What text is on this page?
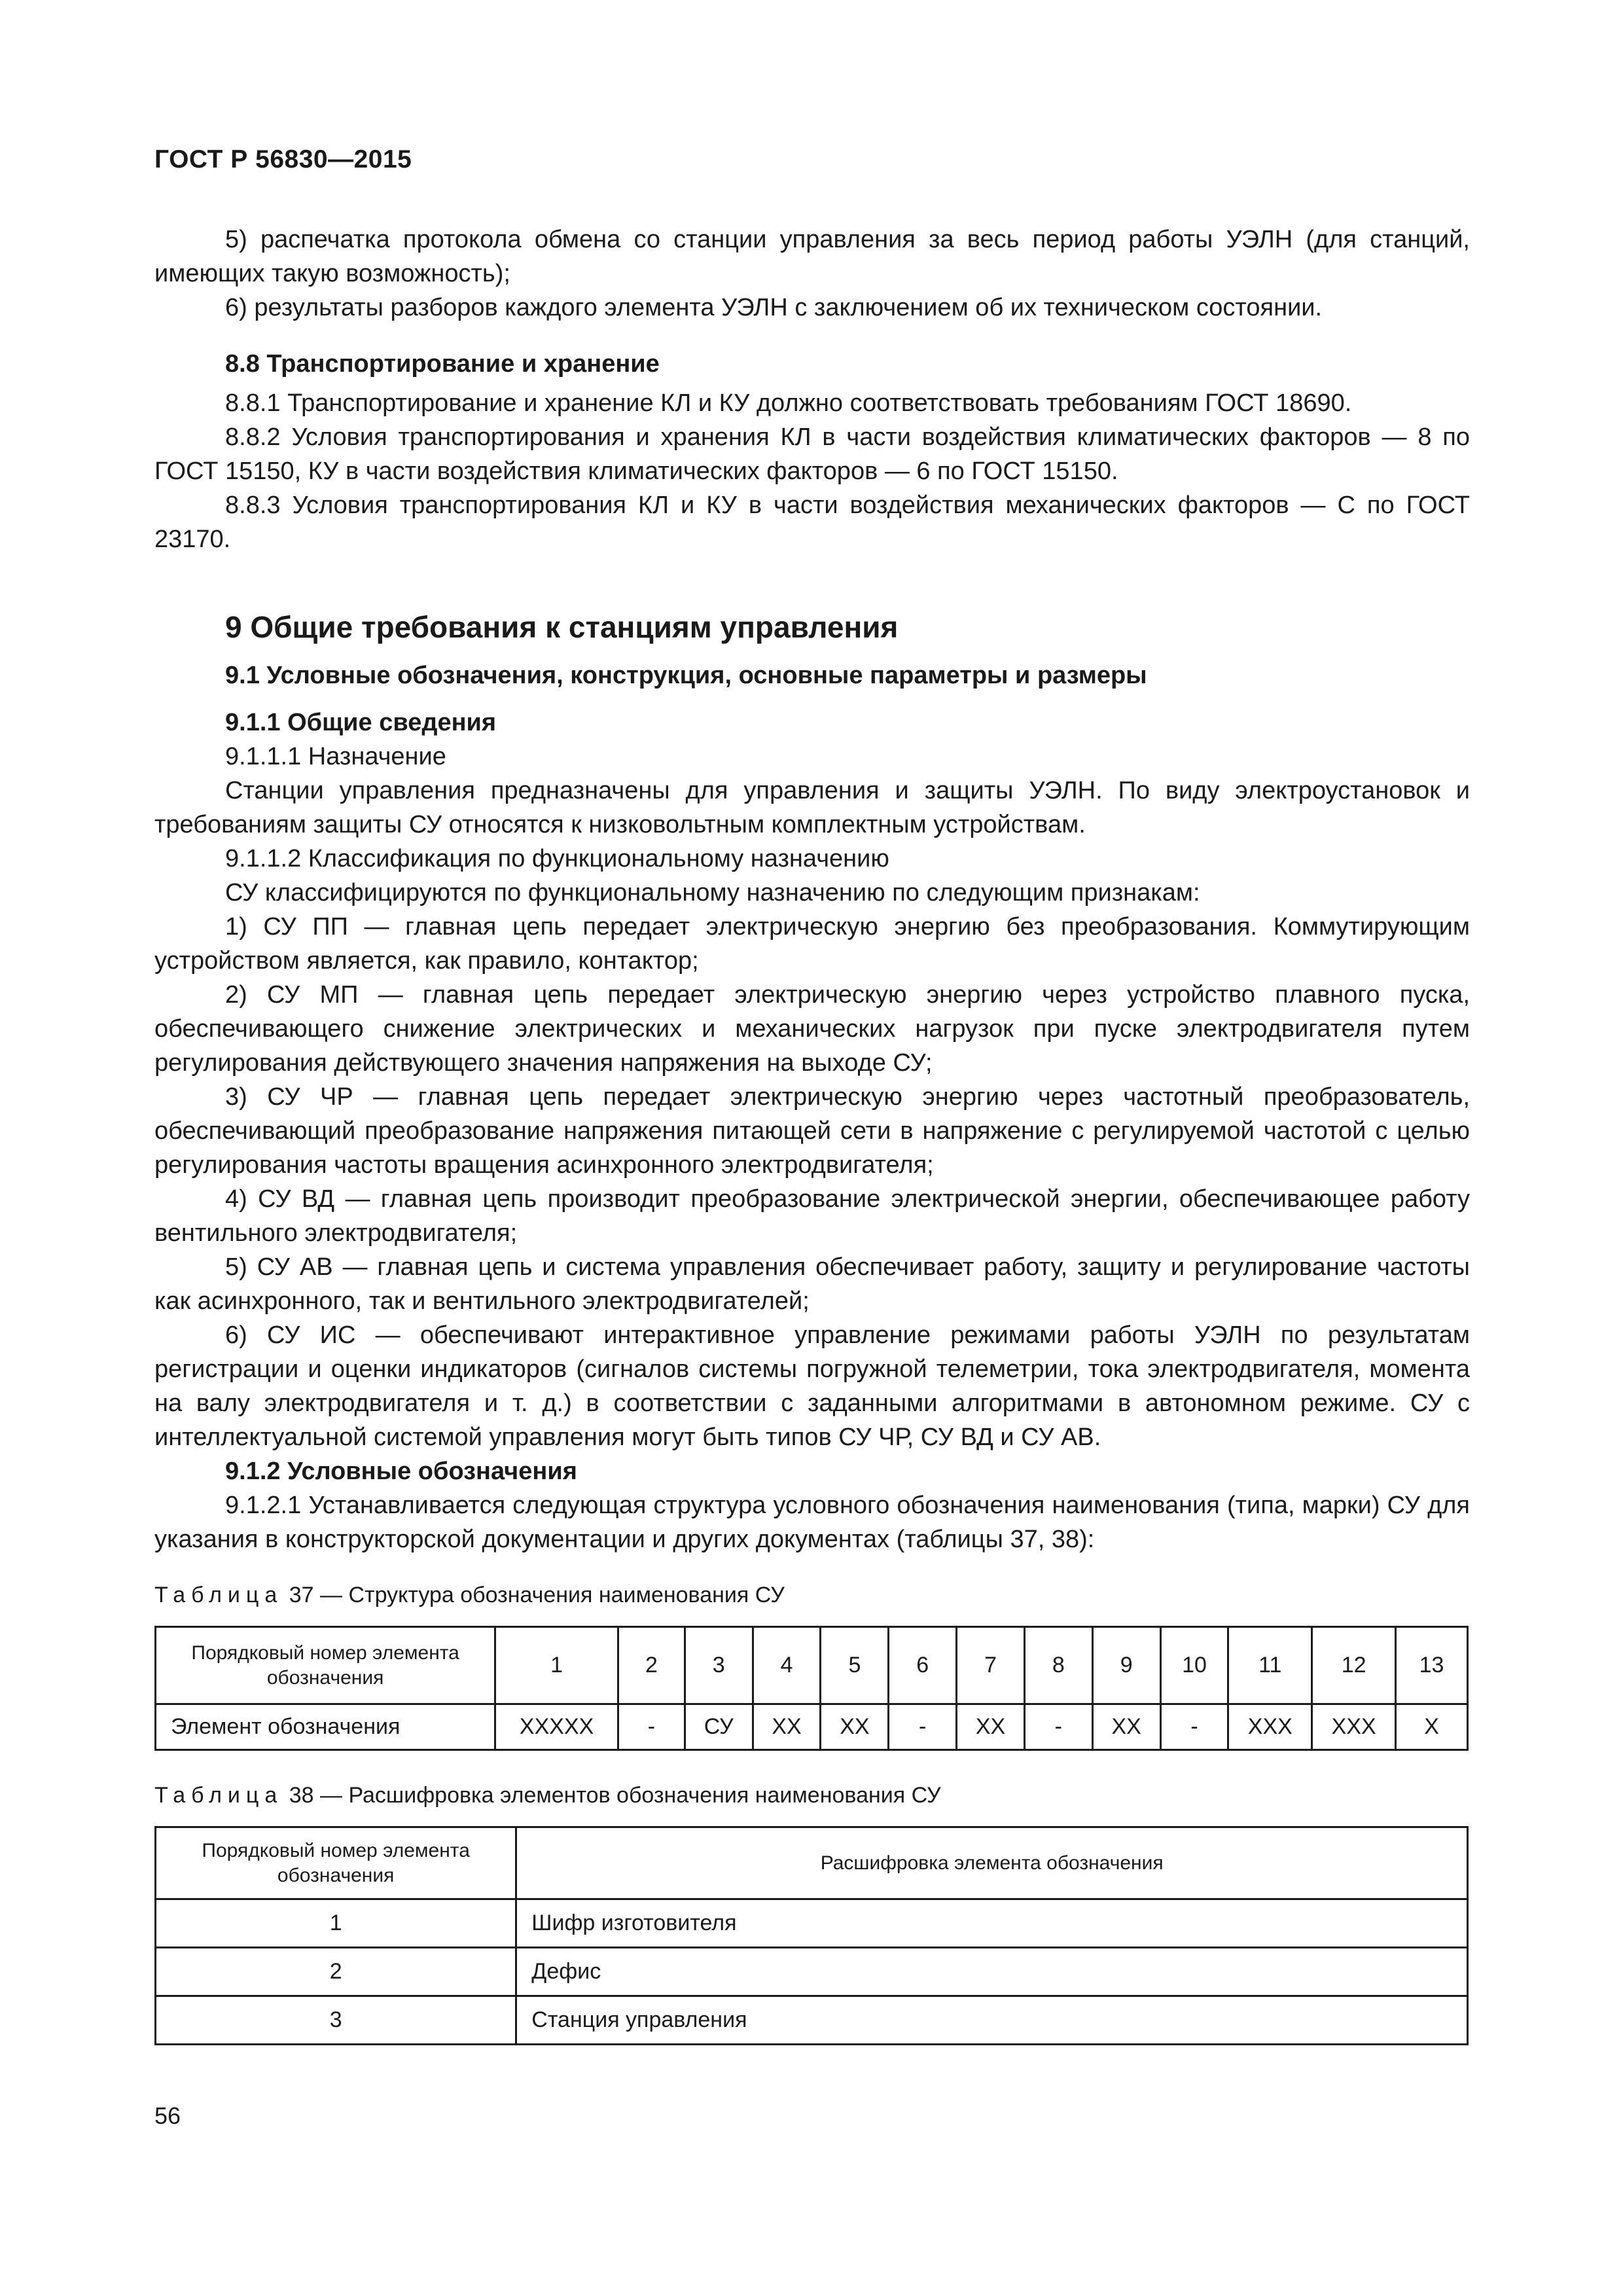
ГОСТ Р 56830—2015

5) распечатка протокола обмена со станции управления за весь период работы УЭЛН (для станций, имеющих такую возможность);

6) результаты разборов каждого элемента УЭЛН с заключением об их техническом состоянии.

8.8 Транспортирование и хранение

8.8.1 Транспортирование и хранение КЛ и КУ должно соответствовать требованиям ГОСТ 18690.

8.8.2 Условия транспортирования и хранения КЛ в части воздействия климатических факторов — 8 по ГОСТ 15150, КУ в части воздействия климатических факторов — 6 по ГОСТ 15150.

8.8.3 Условия транспортирования КЛ и КУ в части воздействия механических факторов — С по ГОСТ 23170.

9 Общие требования к станциям управления

9.1 Условные обозначения, конструкция, основные параметры и размеры

9.1.1 Общие сведения

9.1.1.1 Назначение

Станции управления предназначены для управления и защиты УЭЛН. По виду электроустановок и требованиям защиты СУ относятся к низковольтным комплектным устройствам.

9.1.1.2 Классификация по функциональному назначению

СУ классифицируются по функциональному назначению по следующим признакам:

1) СУ ПП — главная цепь передает электрическую энергию без преобразования. Коммутирующим устройством является, как правило, контактор;

2) СУ МП — главная цепь передает электрическую энергию через устройство плавного пуска, обеспечивающего снижение электрических и механических нагрузок при пуске электродвигателя путем регулирования действующего значения напряжения на выходе СУ;

3) СУ ЧР — главная цепь передает электрическую энергию через частотный преобразователь, обеспечивающий преобразование напряжения питающей сети в напряжение с регулируемой частотой с целью регулирования частоты вращения асинхронного электродвигателя;

4) СУ ВД — главная цепь производит преобразование электрической энергии, обеспечивающее работу вентильного электродвигателя;

5) СУ АВ — главная цепь и система управления обеспечивает работу, защиту и регулирование частоты как асинхронного, так и вентильного электродвигателей;

6) СУ ИС — обеспечивают интерактивное управление режимами работы УЭЛН по результатам регистрации и оценки индикаторов (сигналов системы погружной телеметрии, тока электродвигателя, момента на валу электродвигателя и т. д.) в соответствии с заданными алгоритмами в автономном режиме. СУ с интеллектуальной системой управления могут быть типов СУ ЧР, СУ ВД и СУ АВ.

9.1.2 Условные обозначения

9.1.2.1 Устанавливается следующая структура условного обозначения наименования (типа, марки) СУ для указания в конструкторской документации и других документах (таблицы 37, 38):

Таблица 37 — Структура обозначения наименования СУ
Порядковый номер элемента обозначения	1	2	3	4	5	6	7	8	9	10	11	12	13
Элемент обозначения	XXXXX	-	СУ	XX	XX	-	XX	-	XX	-	XXX	XXX	X
Таблица 38 — Расшифровка элементов обозначения наименования СУ
Порядковый номер элемента обозначения	Расшифровка элемента обозначения
1	Шифр изготовителя
2	Дефис
3	Станция управления
56
